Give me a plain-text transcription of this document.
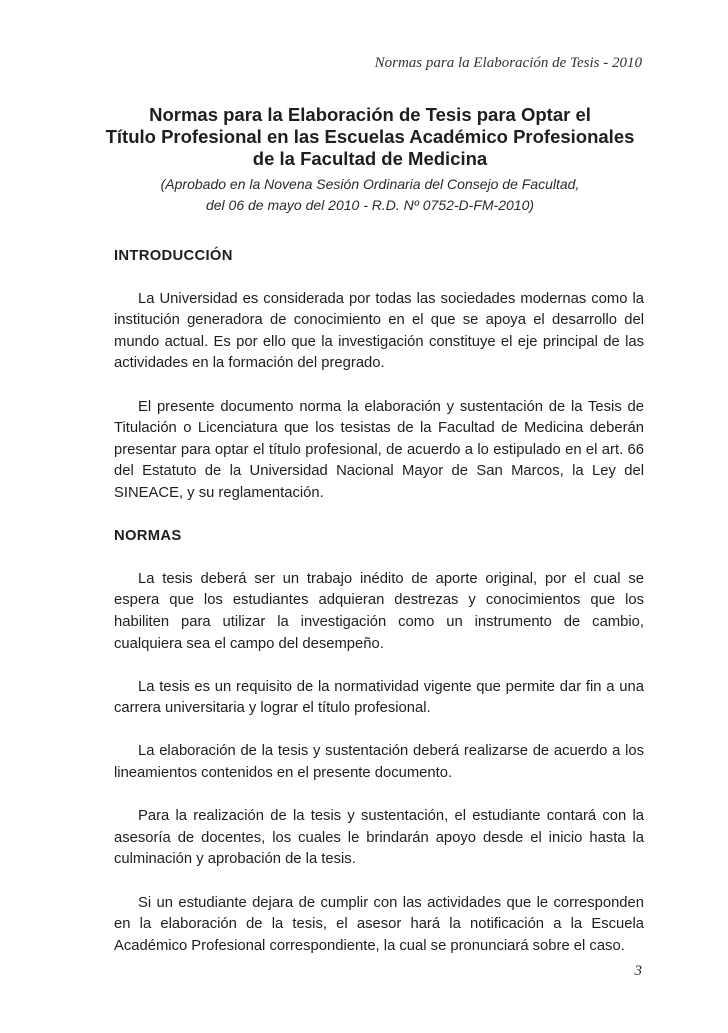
Normas para la Elaboración de Tesis - 2010
Normas para la Elaboración de Tesis para Optar el
Título Profesional en las Escuelas Académico Profesionales
de la Facultad de Medicina
(Aprobado en la Novena Sesión Ordinaria del Consejo de Facultad,
del 06 de mayo del 2010 - R.D. Nº 0752-D-FM-2010)
INTRODUCCIÓN

La Universidad es considerada por todas las sociedades modernas como la institución generadora de conocimiento en el que se apoya el desarrollo del mundo actual. Es por ello que la investigación constituye el eje principal de las actividades en la formación del pregrado.

El presente documento norma la elaboración y sustentación de la Tesis de Titulación o Licenciatura que los tesistas de la Facultad de Medicina deberán presentar para optar el título profesional, de acuerdo a lo estipulado en el art. 66 del Estatuto de la Universidad Nacional Mayor de San Marcos, la Ley del SINEACE, y su reglamentación.

NORMAS

La tesis deberá ser un trabajo inédito de aporte original, por el cual se espera que los estudiantes adquieran destrezas y conocimientos que los habiliten para utilizar la investigación como un instrumento de cambio, cualquiera sea el campo del desempeño.

La tesis es un requisito de la normatividad vigente que permite dar fin a una carrera universitaria y lograr el título profesional.

La elaboración de la tesis y sustentación deberá realizarse de acuerdo a los lineamientos contenidos en el presente documento.

Para la realización de la tesis y sustentación, el estudiante contará con la asesoría de docentes, los cuales le brindarán apoyo desde el inicio hasta la culminación y aprobación de la tesis.

Si un estudiante dejara de cumplir con las actividades que le corresponden en la elaboración de la tesis, el asesor hará la notificación a la Escuela Académico Profesional correspondiente, la cual se pronunciará sobre el caso.

3
